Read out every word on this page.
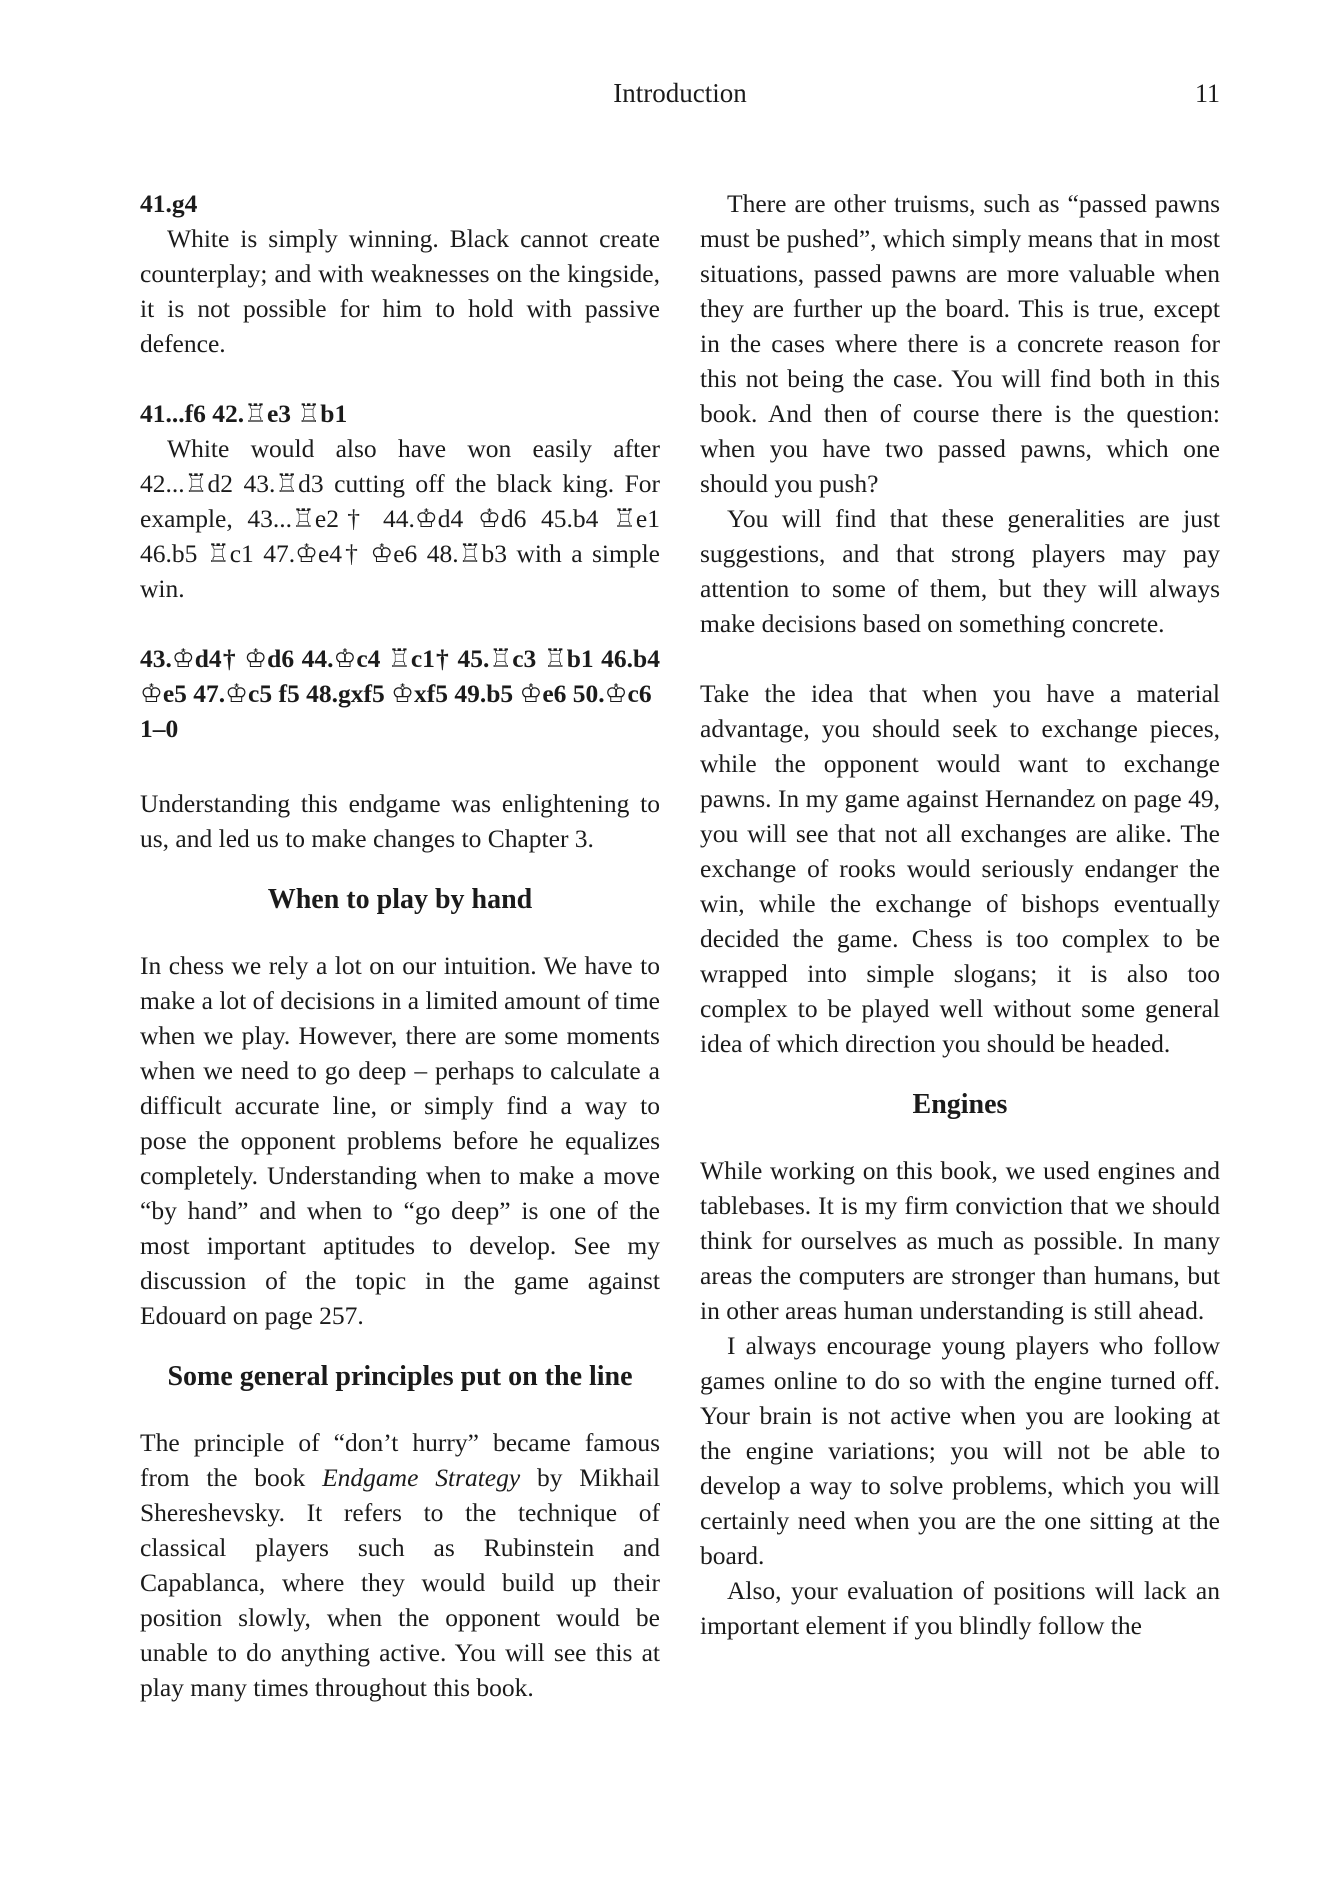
Introduction	11

41.g4

White is simply winning. Black cannot create counterplay; and with weaknesses on the kingside, it is not possible for him to hold with passive defence.

41...f6 42.♖e3 ♖b1

White would also have won easily after 42...♖d2 43.♖d3 cutting off the black king. For example, 43...♖e2† 44.♔d4 ♔d6 45.b4 ♖e1 46.b5 ♖c1 47.♔e4† ♔e6 48.♖b3 with a simple win.

43.♔d4† ♔d6 44.♔c4 ♖c1† 45.♖c3 ♖b1 46.b4 ♔e5 47.♔c5 f5 48.gxf5 ♔xf5 49.b5 ♔e6 50.♔c6

1–0

Understanding this endgame was enlightening to us, and led us to make changes to Chapter 3.

When to play by hand

In chess we rely a lot on our intuition. We have to make a lot of decisions in a limited amount of time when we play. However, there are some moments when we need to go deep – perhaps to calculate a difficult accurate line, or simply find a way to pose the opponent problems before he equalizes completely. Understanding when to make a move “by hand” and when to “go deep” is one of the most important aptitudes to develop. See my discussion of the topic in the game against Edouard on page 257.

Some general principles put on the line

The principle of “don’t hurry” became famous from the book Endgame Strategy by Mikhail Shereshevsky. It refers to the technique of classical players such as Rubinstein and Capablanca, where they would build up their position slowly, when the opponent would be unable to do anything active. You will see this at play many times throughout this book.

There are other truisms, such as “passed pawns must be pushed”, which simply means that in most situations, passed pawns are more valuable when they are further up the board. This is true, except in the cases where there is a concrete reason for this not being the case. You will find both in this book. And then of course there is the question: when you have two passed pawns, which one should you push?

You will find that these generalities are just suggestions, and that strong players may pay attention to some of them, but they will always make decisions based on something concrete.

Take the idea that when you have a material advantage, you should seek to exchange pieces, while the opponent would want to exchange pawns. In my game against Hernandez on page 49, you will see that not all exchanges are alike. The exchange of rooks would seriously endanger the win, while the exchange of bishops eventually decided the game. Chess is too complex to be wrapped into simple slogans; it is also too complex to be played well without some general idea of which direction you should be headed.

Engines

While working on this book, we used engines and tablebases. It is my firm conviction that we should think for ourselves as much as possible. In many areas the computers are stronger than humans, but in other areas human understanding is still ahead.

I always encourage young players who follow games online to do so with the engine turned off. Your brain is not active when you are looking at the engine variations; you will not be able to develop a way to solve problems, which you will certainly need when you are the one sitting at the board.

Also, your evaluation of positions will lack an important element if you blindly follow the
